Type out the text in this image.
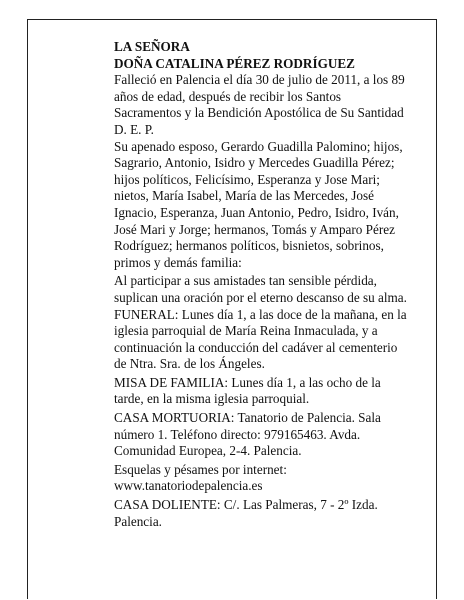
LA SEÑORA
DOÑA CATALINA PÉREZ RODRÍGUEZ
Falleció en Palencia el día 30 de julio de 2011, a los 89
años de edad, después de recibir los Santos
Sacramentos y la Bendición Apostólica de Su Santidad
D. E. P.
Su apenado esposo, Gerardo Guadilla Palomino; hijos,
Sagrario, Antonio, Isidro y Mercedes Guadilla Pérez;
hijos políticos, Felicísimo, Esperanza y Jose Mari;
nietos, María Isabel, María de las Mercedes, José
Ignacio, Esperanza, Juan Antonio, Pedro, Isidro, Iván,
José Mari y Jorge; hermanos, Tomás y Amparo Pérez
Rodríguez; hermanos políticos, bisnietos, sobrinos,
primos y demás familia:
Al participar a sus amistades tan sensible pérdida,
suplican una oración por el eterno descanso de su alma.
FUNERAL: Lunes día 1, a las doce de la mañana, en la
iglesia parroquial de María Reina Inmaculada, y a
continuación la conducción del cadáver al cementerio
de Ntra. Sra. de los Ángeles.
MISA DE FAMILIA: Lunes día 1, a las ocho de la
tarde, en la misma iglesia parroquial.
CASA MORTUORIA: Tanatorio de Palencia. Sala
número 1. Teléfono directo: 979165463. Avda.
Comunidad Europea, 2-4. Palencia.
Esquelas y pésames por internet:
www.tanatoriodepalencia.es
CASA DOLIENTE: C/. Las Palmeras, 7 - 2º Izda.
Palencia.
